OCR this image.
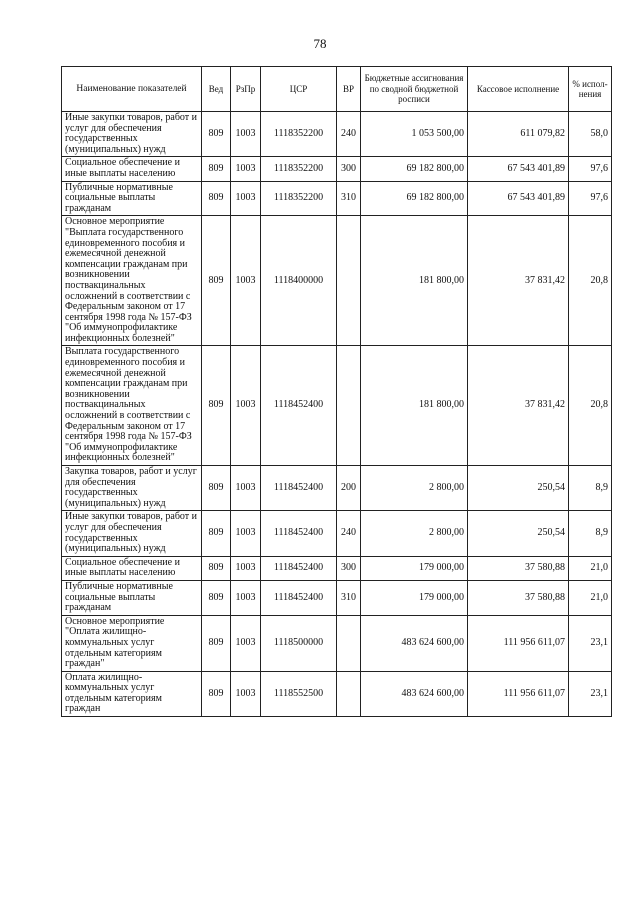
78
Наименование показателей	Вед	РзПр	ЦСР	ВР	Бюджетные ассигнования по сводной бюджетной росписи	Кассовое исполнение	% испол-нения
Иные закупки товаров, работ и услуг для обеспечения государственных (муниципальных) нужд	809	1003	1118352200	240	1 053 500,00	611 079,82	58,0
Социальное обеспечение и иные выплаты населению	809	1003	1118352200	300	69 182 800,00	67 543 401,89	97,6
Публичные нормативные социальные выплаты гражданам	809	1003	1118352200	310	69 182 800,00	67 543 401,89	97,6
Основное мероприятие "Выплата государственного единовременного пособия и ежемесячной денежной компенсации гражданам при возникновении поствакцинальных осложнений в соответствии с Федеральным законом от 17 сентября 1998 года № 157-ФЗ "Об иммунопрофилактике инфекционных болезней"	809	1003	1118400000		181 800,00	37 831,42	20,8
Выплата государственного единовременного пособия и ежемесячной денежной компенсации гражданам при возникновении поствакцинальных осложнений в соответствии с Федеральным законом от 17 сентября 1998 года № 157-ФЗ "Об иммунопрофилактике инфекционных болезней"	809	1003	1118452400		181 800,00	37 831,42	20,8
Закупка товаров, работ и услуг для обеспечения государственных (муниципальных) нужд	809	1003	1118452400	200	2 800,00	250,54	8,9
Иные закупки товаров, работ и услуг для обеспечения государственных (муниципальных) нужд	809	1003	1118452400	240	2 800,00	250,54	8,9
Социальное обеспечение и иные выплаты населению	809	1003	1118452400	300	179 000,00	37 580,88	21,0
Публичные нормативные социальные выплаты гражданам	809	1003	1118452400	310	179 000,00	37 580,88	21,0
Основное мероприятие "Оплата жилищно-коммунальных услуг отдельным категориям граждан"	809	1003	1118500000		483 624 600,00	111 956 611,07	23,1
Оплата жилищно-коммунальных услуг отдельным категориям граждан	809	1003	1118552500		483 624 600,00	111 956 611,07	23,1
